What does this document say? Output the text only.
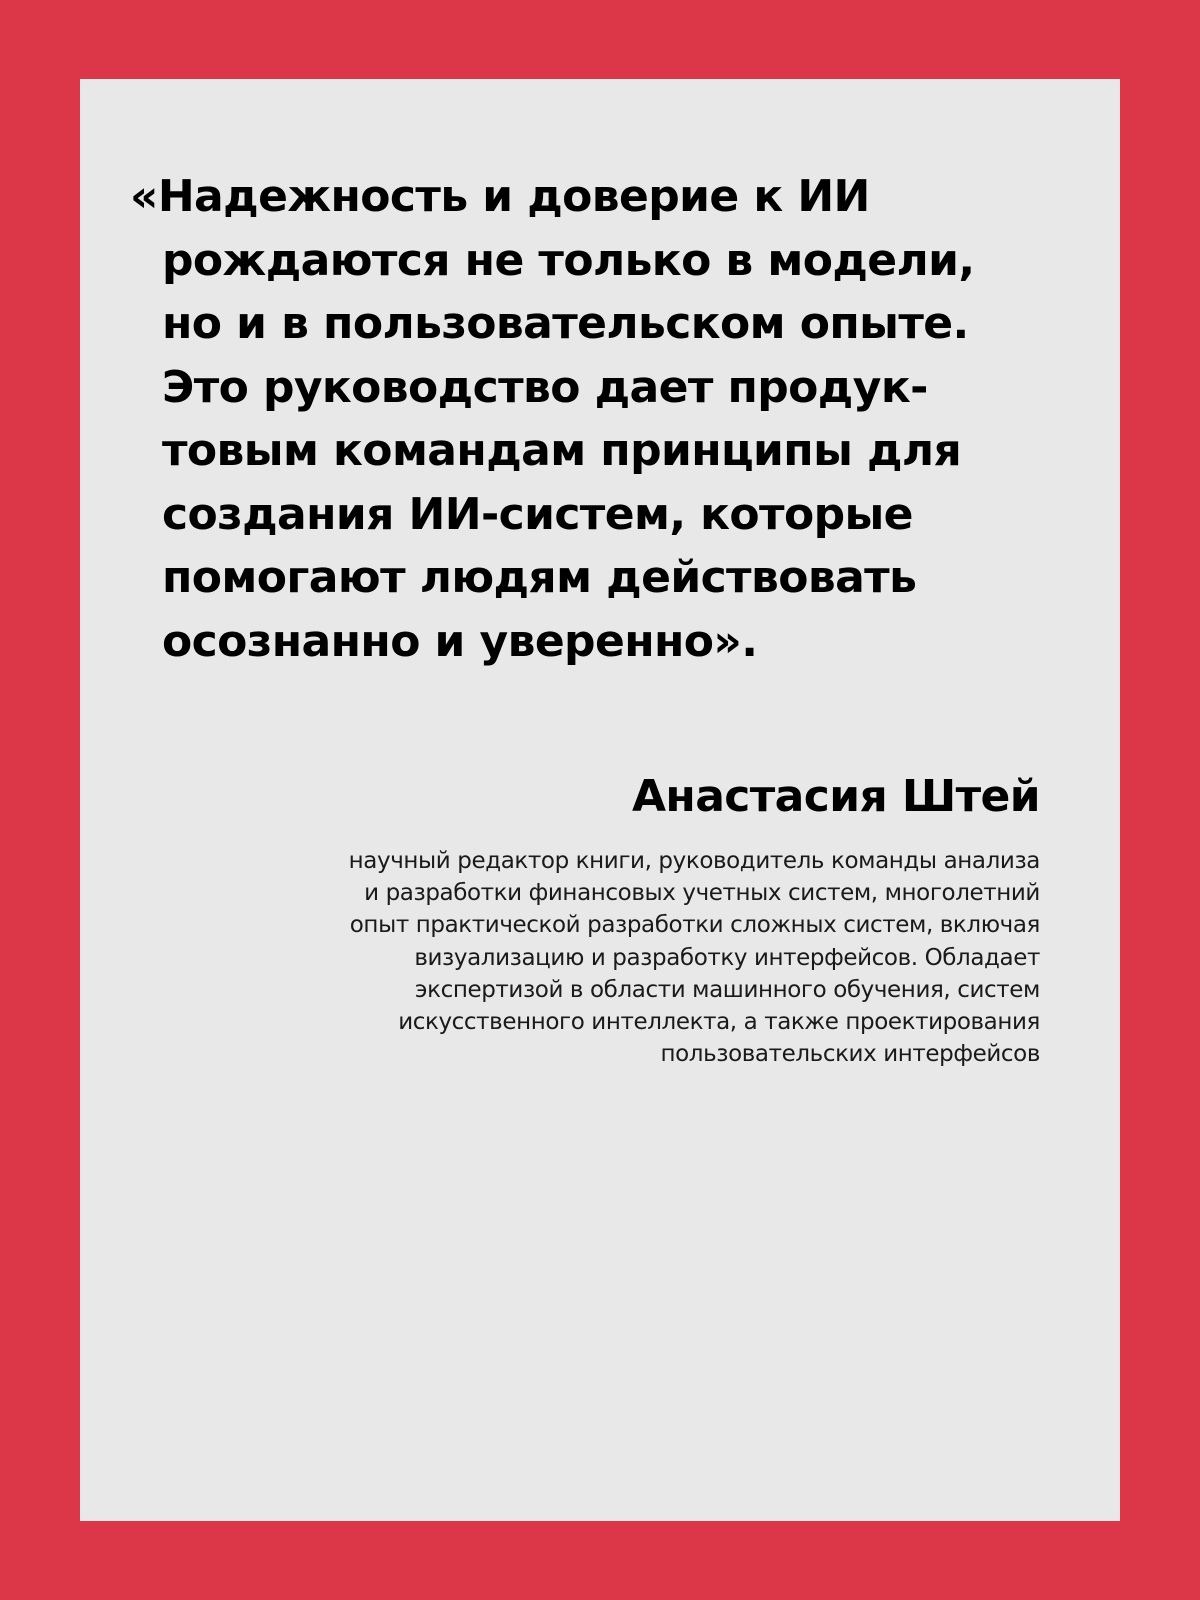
«Надежность и доверие к ИИ
рождаются не только в модели,
но и в пользовательском опыте.
Это руководство дает продук-
товым командам принципы для
создания ИИ-систем, которые
помогают людям действовать
осознанно и уверенно».

Анастасия Штей

научный редактор книги, руководитель команды анализа
и разработки финансовых учетных систем, многолетний
опыт практической разработки сложных систем, включая
визуализацию и разработку интерфейсов. Обладает
экспертизой в области машинного обучения, систем
искусственного интеллекта, а также проектирования
пользовательских интерфейсов
